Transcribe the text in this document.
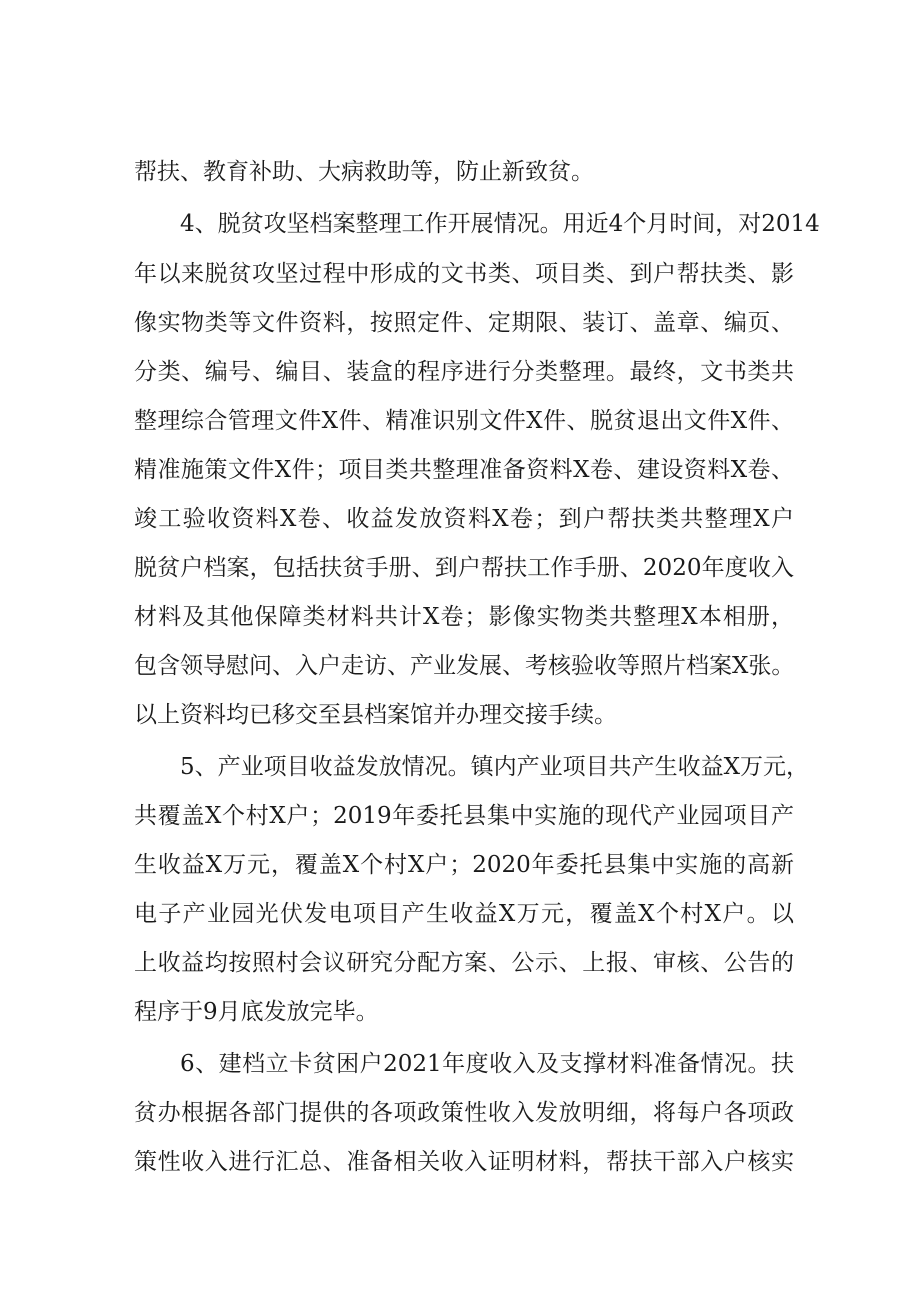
帮扶、教育补助、大病救助等，防止新致贫。
4、脱贫攻坚档案整理工作开展情况。用近4个月时间，对2014
年以来脱贫攻坚过程中形成的文书类、项目类、到户帮扶类、影
像实物类等文件资料，按照定件、定期限、装订、盖章、编页、
分类、编号、编目、装盒的程序进行分类整理。最终，文书类共
整理综合管理文件X件、精准识别文件X件、脱贫退出文件X件、
精准施策文件X件；项目类共整理准备资料X卷、建设资料X卷、
竣工验收资料X卷、收益发放资料X卷；到户帮扶类共整理X户
脱贫户档案，包括扶贫手册、到户帮扶工作手册、2020年度收入
材料及其他保障类材料共计X卷；影像实物类共整理X本相册，
包含领导慰问、入户走访、产业发展、考核验收等照片档案X张。
以上资料均已移交至县档案馆并办理交接手续。
5、产业项目收益发放情况。镇内产业项目共产生收益X万元，
共覆盖X个村X户；2019年委托县集中实施的现代产业园项目产
生收益X万元，覆盖X个村X户；2020年委托县集中实施的高新
电子产业园光伏发电项目产生收益X万元，覆盖X个村X户。以
上收益均按照村会议研究分配方案、公示、上报、审核、公告的
程序于9月底发放完毕。
6、建档立卡贫困户2021年度收入及支撑材料准备情况。扶
贫办根据各部门提供的各项政策性收入发放明细，将每户各项政
策性收入进行汇总、准备相关收入证明材料，帮扶干部入户核实
